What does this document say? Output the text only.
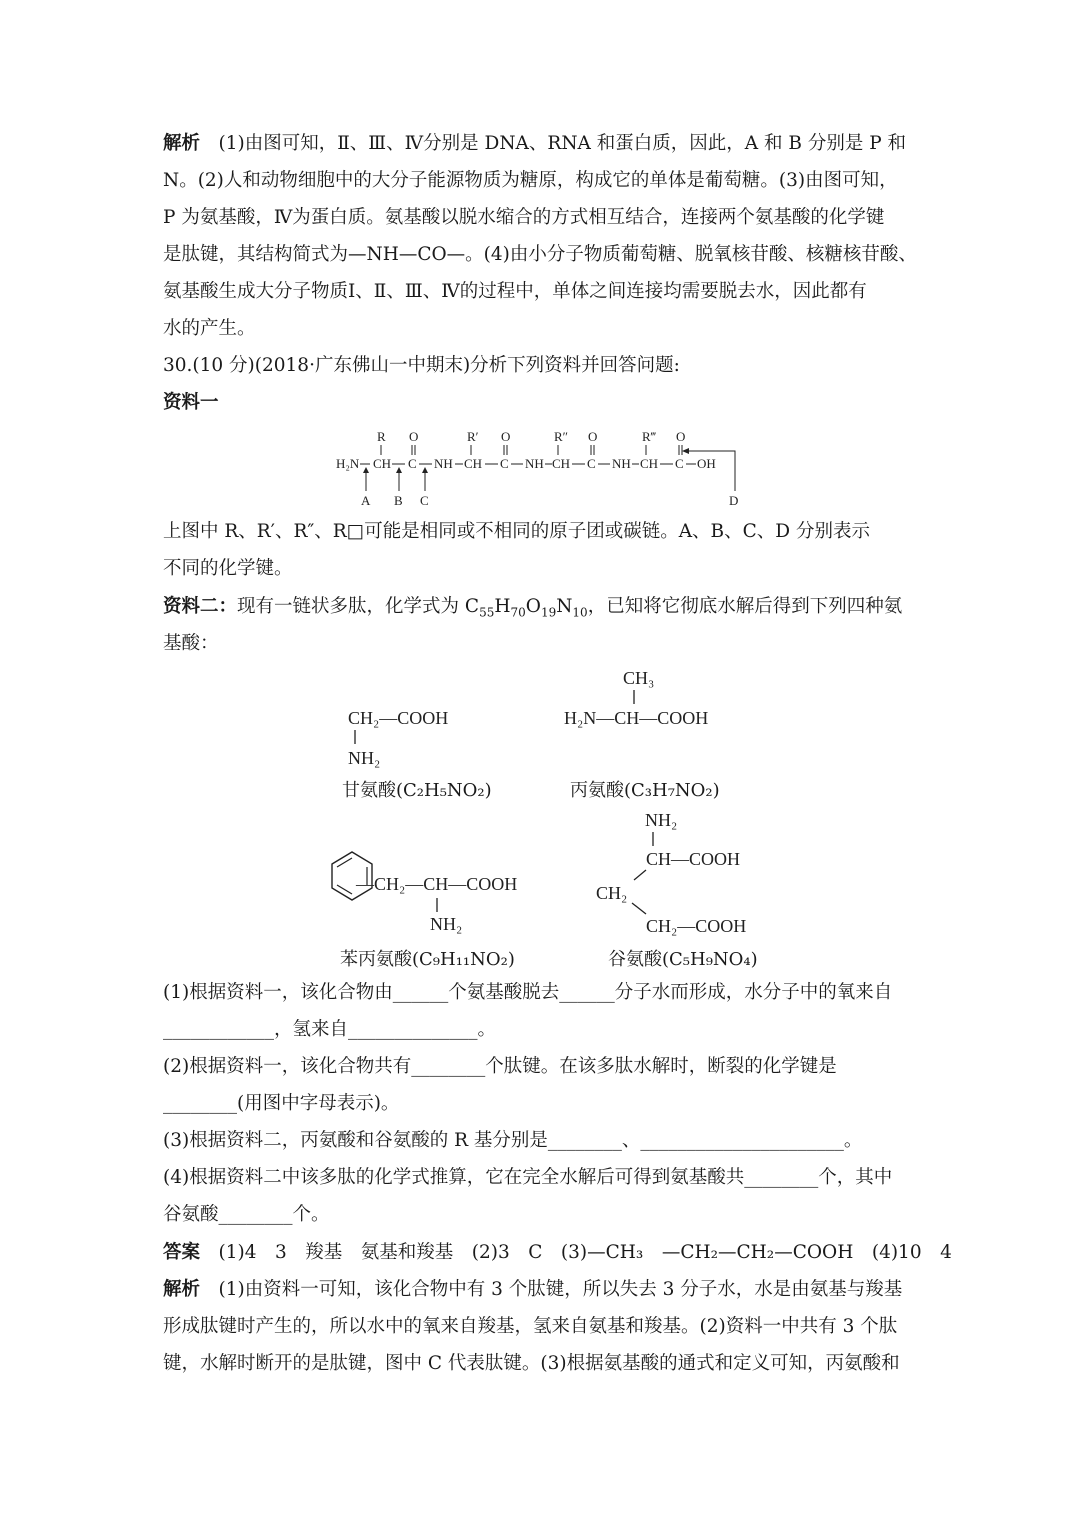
解析　 (1)由图可知，Ⅱ、Ⅲ、Ⅳ分别是 DNA、RNA 和蛋白质，因此，A 和 B 分别是 P 和
N。(2)人和动物细胞中的大分子能源物质为糖原，构成它的单体是葡萄糖。(3)由图可知，
P 为氨基酸，Ⅳ为蛋白质。氨基酸以脱水缩合的方式相互结合，连接两个氨基酸的化学键
是肽键，其结构简式为—NH—CO—。(4)由小分子物质葡萄糖、脱氧核苷酸、核糖核苷酸、
氨基酸生成大分子物质Ⅰ、Ⅱ、Ⅲ、Ⅳ的过程中，单体之间连接均需要脱去水，因此都有
水的产生。
30.(10 分)(2018·广东佛山一中期末)分析下列资料并回答问题:
资料一
R O	R′ O	R″ O	R‴ O
H₂N CH C NH CH C NH CH C NH CH C OH
A B C	D
上图中 R、R′、R″、R□可能是相同或不相同的原子团或碳链。A、B、C、D 分别表示
不同的化学键。
资料二：现有一链状多肽，化学式为 $C_{55}H_{70}O_{19}N_{10}$，已知将它彻底水解后得到下列四种氨
基酸：
CH₂—COOH
NH₂
CH₃
H₂N—CH—COOH
—CH₂—CH—COOH
NH₂
NH₂
CH—COOH
CH₂
CH₂—COOH
甘氨酸(C₂H₅NO₂)	丙氨酸(C₃H₇NO₂)
苯丙氨酸(C₉H₁₁NO₂)	谷氨酸(C₅H₉NO₄)
(1)根据资料一，该化合物由______个氨基酸脱去______分子水而形成，水分子中的氧来自
____________，氢来自______________。
(2)根据资料一，该化合物共有________个肽键。在该多肽水解时，断裂的化学键是
________(用图中字母表示)。
(3)根据资料二，丙氨酸和谷氨酸的 R 基分别是________、______________________。
(4)根据资料二中该多肽的化学式推算，它在完全水解后可得到氨基酸共________个，其中
谷氨酸________个。
答案　 (1)4　3　羧基　氨基和羧基　(2)3　C　(3)—CH₃　—CH₂—CH₂—COOH　(4)10　4
解析　 (1)由资料一可知，该化合物中有 3 个肽键，所以失去 3 分子水，水是由氨基与羧基
形成肽键时产生的，所以水中的氧来自羧基，氢来自氨基和羧基。(2)资料一中共有 3 个肽
键，水解时断开的是肽键，图中 C 代表肽键。(3)根据氨基酸的通式和定义可知，丙氨酸和
